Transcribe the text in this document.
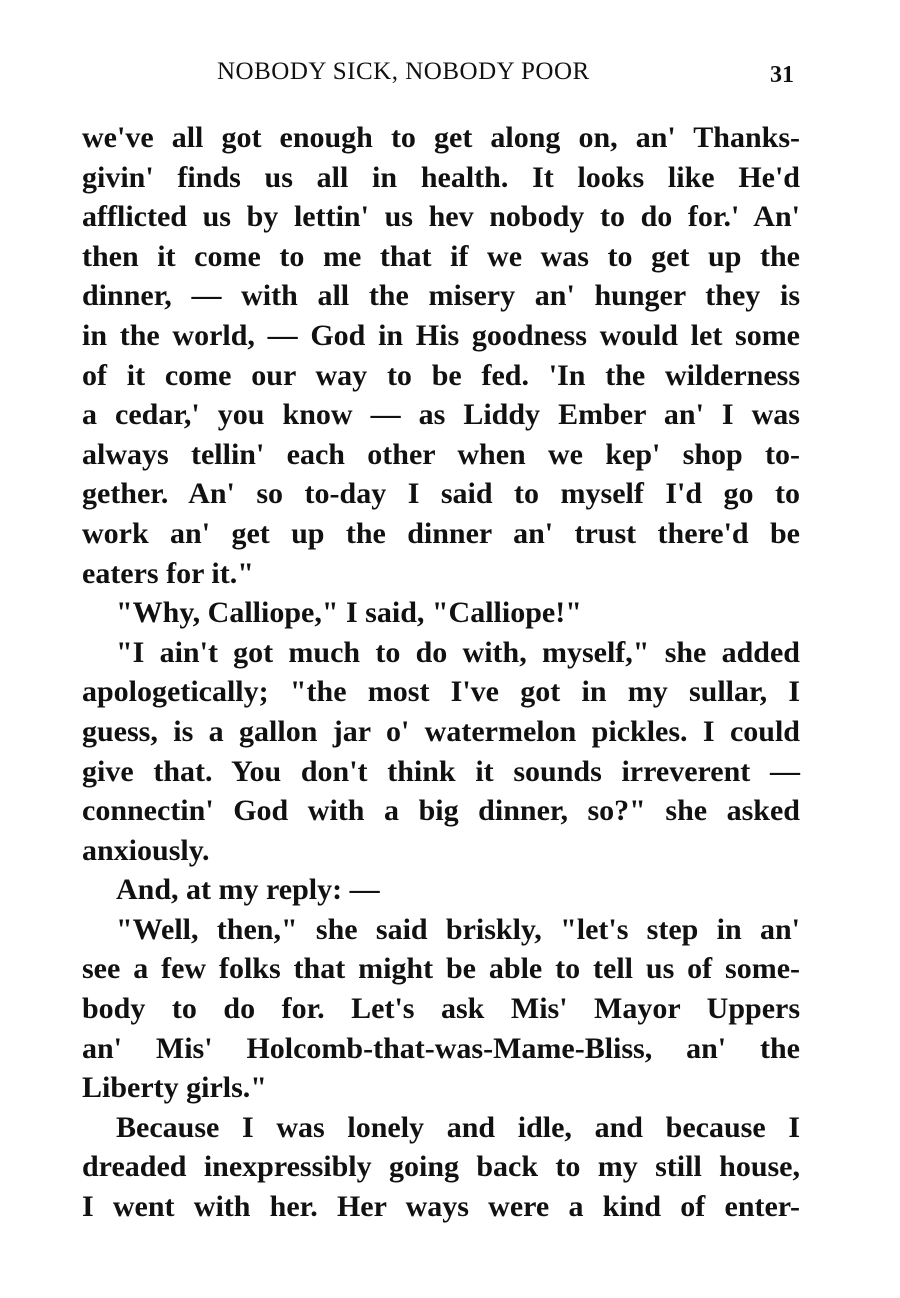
NOBODY SICK, NOBODY POOR	31
we've all got enough to get along on, an' Thanks-
givin' finds us all in health. It looks like He'd
afflicted us by lettin' us hev nobody to do for.' An'
then it come to me that if we was to get up the
dinner, — with all the misery an' hunger they is
in the world, — God in His goodness would let some
of it come our way to be fed. 'In the wilderness
a cedar,' you know — as Liddy Ember an' I was
always tellin' each other when we kep' shop to-
gether. An' so to-day I said to myself I'd go to
work an' get up the dinner an' trust there'd be
eaters for it."
"Why, Calliope," I said, "Calliope!"
"I ain't got much to do with, myself," she added
apologetically; "the most I've got in my sullar, I
guess, is a gallon jar o' watermelon pickles. I could
give that. You don't think it sounds irreverent —
connectin' God with a big dinner, so?" she asked
anxiously.
And, at my reply: —
"Well, then," she said briskly, "let's step in an'
see a few folks that might be able to tell us of some-
body to do for. Let's ask Mis' Mayor Uppers
an' Mis' Holcomb-that-was-Mame-Bliss, an' the
Liberty girls."
Because I was lonely and idle, and because I
dreaded inexpressibly going back to my still house,
I went with her. Her ways were a kind of enter-
